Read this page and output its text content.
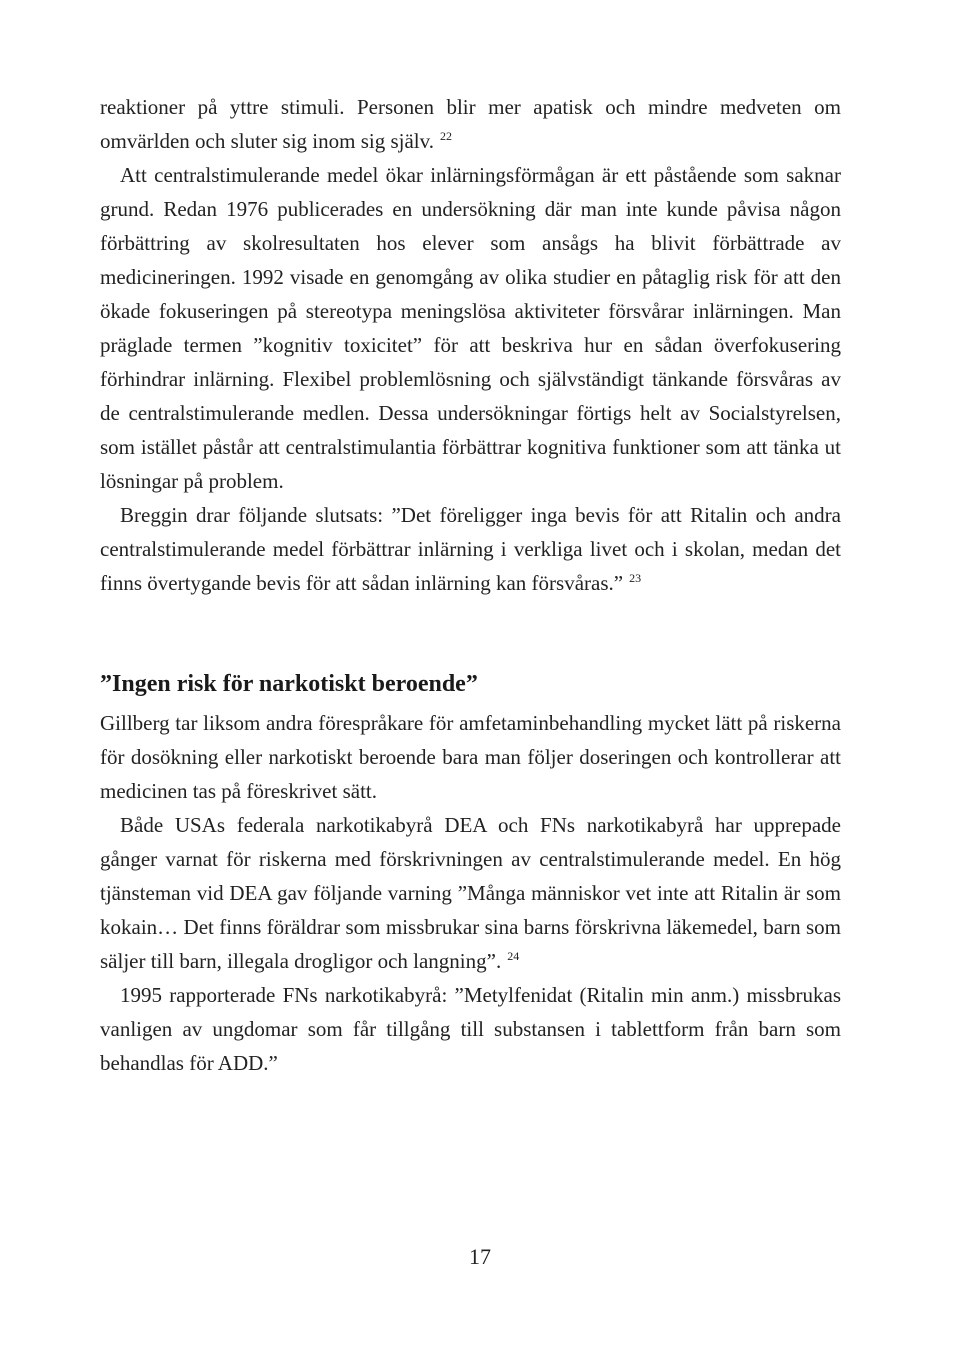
reaktioner på yttre stimuli. Personen blir mer apatisk och mindre medveten om omvärlden och sluter sig inom sig själv. $^{22}$

Att centralstimulerande medel ökar inlärningsförmågan är ett påstående som saknar grund. Redan 1976 publicerades en undersökning där man inte kunde påvisa någon förbättring av skolresultaten hos elever som ansågs ha blivit förbättrade av medicineringen. 1992 visade en genomgång av olika studier en påtaglig risk för att den ökade fokuseringen på stereotypa meningslösa aktiviteter försvårar inlärningen. Man präglade termen ”kognitiv toxicitet” för att beskriva hur en sådan överfokusering förhindrar inlärning. Flexibel problemlösning och självständigt tänkande försvåras av de centralstimulerande medlen. Dessa undersökningar förtigs helt av Socialstyrelsen, som istället påstår att centralstimulantia förbättrar kognitiva funktioner som att tänka ut lösningar på problem.

Breggin drar följande slutsats: ”Det föreligger inga bevis för att Ritalin och andra centralstimulerande medel förbättrar inlärning i verkliga livet och i skolan, medan det finns övertygande bevis för att sådan inlärning kan försvåras.” $^{23}$

”Ingen risk för narkotiskt beroende”

Gillberg tar liksom andra förespråkare för amfetaminbehandling mycket lätt på riskerna för dosökning eller narkotiskt beroende bara man följer doseringen och kontrollerar att medicinen tas på föreskrivet sätt.

Både USAs federala narkotikabyrå DEA och FNs narkotikabyrå har upprepade gånger varnat för riskerna med förskrivningen av centralstimulerande medel. En hög tjänsteman vid DEA gav följande varning ”Många människor vet inte att Ritalin är som kokain… Det finns föräldrar som missbrukar sina barns förskrivna läkemedel, barn som säljer till barn, illegala drogligor och langning”. $^{24}$

1995 rapporterade FNs narkotikabyrå: ”Metylfenidat (Ritalin min anm.) missbrukas vanligen av ungdomar som får tillgång till substansen i tablettform från barn som behandlas för ADD.”

17
